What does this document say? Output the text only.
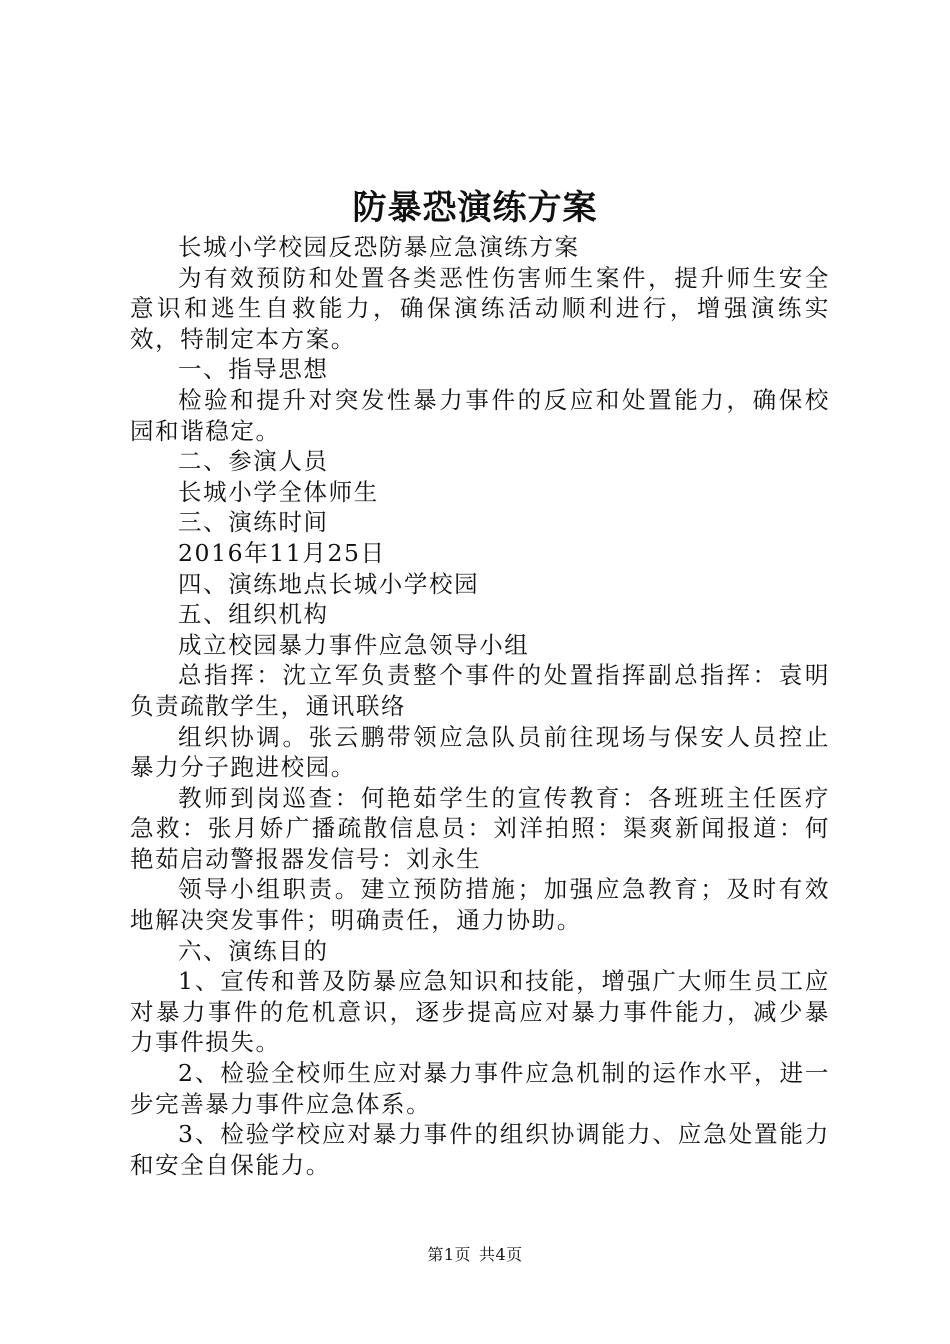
防暴恐演练方案

长城小学校园反恐防暴应急演练方案

为有效预防和处置各类恶性伤害师生案件，提升师生安全意识和逃生自救能力，确保演练活动顺利进行，增强演练实效，特制定本方案。

一、指导思想

检验和提升对突发性暴力事件的反应和处置能力，确保校园和谐稳定。

二、参演人员

长城小学全体师生

三、演练时间

2016年11月25日

四、演练地点长城小学校园

五、组织机构

成立校园暴力事件应急领导小组

总指挥：沈立军负责整个事件的处置指挥副总指挥：袁明负责疏散学生，通讯联络

组织协调。张云鹏带领应急队员前往现场与保安人员控止暴力分子跑进校园。

教师到岗巡查：何艳茹学生的宣传教育：各班班主任医疗急救：张月娇广播疏散信息员：刘洋拍照：渠爽新闻报道：何艳茹启动警报器发信号：刘永生

领导小组职责。建立预防措施；加强应急教育；及时有效地解决突发事件；明确责任，通力协助。

六、演练目的

1、宣传和普及防暴应急知识和技能，增强广大师生员工应对暴力事件的危机意识，逐步提高应对暴力事件能力，减少暴力事件损失。

2、检验全校师生应对暴力事件应急机制的运作水平，进一步完善暴力事件应急体系。

3、检验学校应对暴力事件的组织协调能力、应急处置能力和安全自保能力。

第1页 共4页
